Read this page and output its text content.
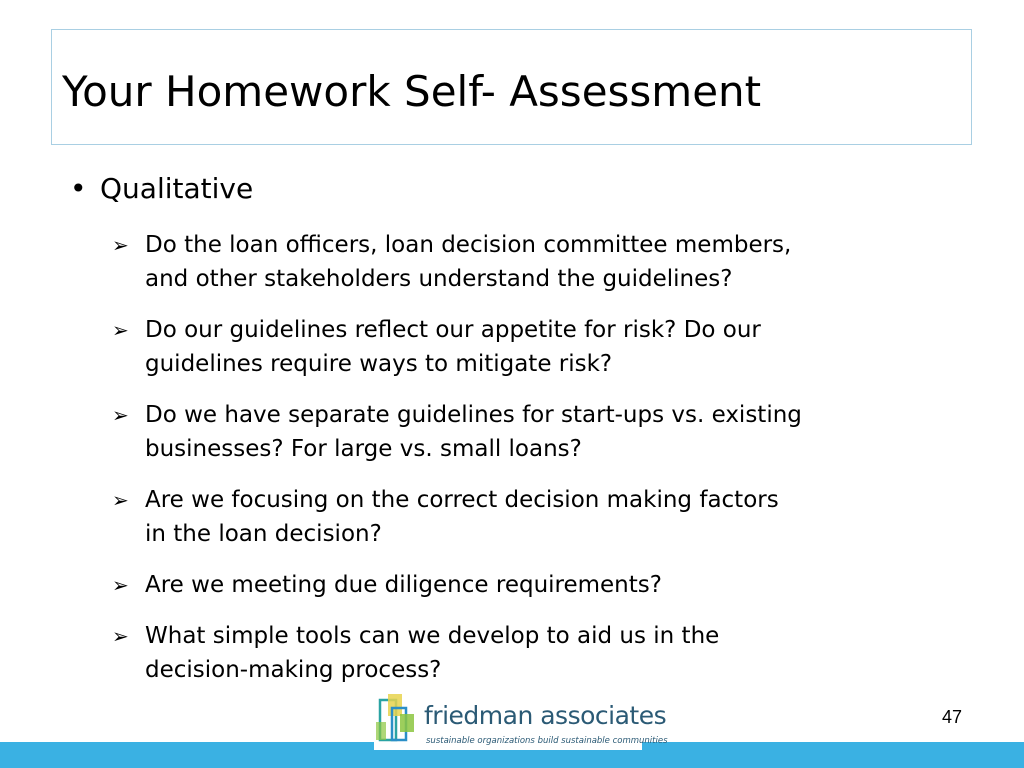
Your Homework Self- Assessment
• Qualitative
➢ Do the loan officers, loan decision committee members,
and other stakeholders understand the guidelines?
➢ Do our guidelines reflect our appetite for risk? Do our
guidelines require ways to mitigate risk?
➢ Do we have separate guidelines for start-ups vs. existing
businesses? For large vs. small loans?
➢ Are we focusing on the correct decision making factors
in the loan decision?
➢ Are we meeting due diligence requirements?
➢ What simple tools can we develop to aid us in the
decision-making process?
friedman associates
sustainable organizations build sustainable communities
47
